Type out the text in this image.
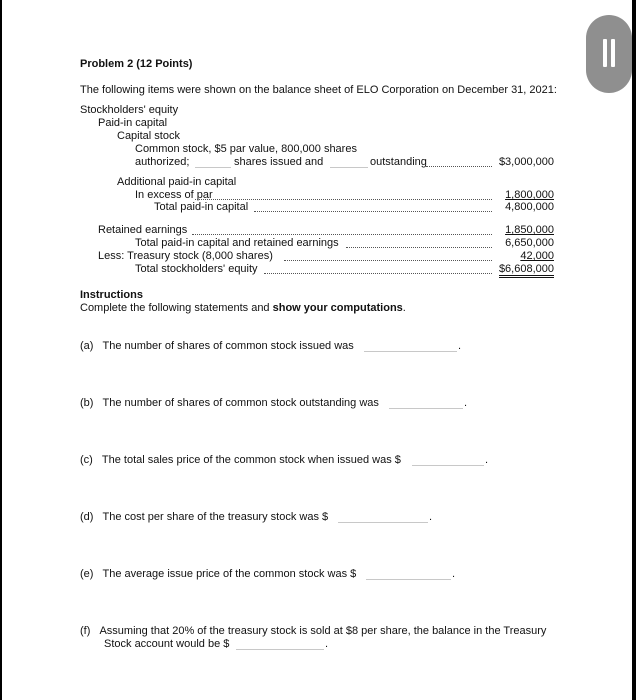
Problem 2 (12 Points)
The following items were shown on the balance sheet of ELO Corporation on December 31, 2021:
Stockholders' equity
Paid-in capital
Capital stock
Common stock, $5 par value, 800,000 shares
authorized;	shares issued and	outstanding	$3,000,000
Additional paid-in capital
In excess of par	1,800,000
Total paid-in capital	4,800,000
Retained earnings	1,850,000
Total paid-in capital and retained earnings	6,650,000
Less: Treasury stock (8,000 shares)	42,000
Total stockholders' equity	$6,608,000
Instructions
Complete the following statements and show your computations.
(a) The number of shares of common stock issued was	.
(b) The number of shares of common stock outstanding was	.
(c) The total sales price of the common stock when issued was $	.
(d) The cost per share of the treasury stock was $	.
(e) The average issue price of the common stock was $	.
(f) Assuming that 20% of the treasury stock is sold at $8 per share, the balance in the Treasury
Stock account would be $	.
